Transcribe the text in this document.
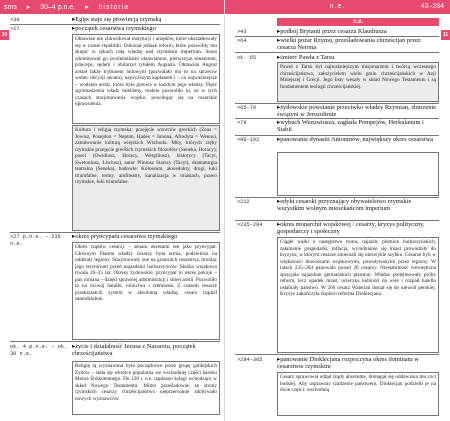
sms ▸ 30–4 p.n.e. ▸ historia
10
>30	▸Egipt staje się prowincją rzymską
>27	▸początek cesarstwa rzymskiego
Oktawian nie zlikwidował instytucji i urzędów, które ukształtowały się w czasie republiki. Dokonał jednak reform, które pozwoliły mu skupić w rękach całą władzę nad rzymskim imperium. Senat zdominował go zwolennikami oktawianum, pierwszym senatorem, princeps, sędem i obdarzył tytułem Augusta. Oktawian August został także trybunem ludowym (pozwalało mu to na sprzeciw wobec decyzji senatu), najwyższym kapłanem i – co najważniejsze – wodzem armii, która była gotowa w każdym jego władzy. Pięść zgromadzenia władz mieliśmy, realnie pozwoliło to, ze w tych czasach stacjonowania wojsko, powołując się na cesarskie uprawnienia.
Kultura i religia rzymska: przejęcie wzorców greckich (Zeus = Jowisz, Posejdon = Neptun, Hades = Junona, Afrodyta = Wenus), zamiłowanie kulturą wiejskich Wschodu. Mity, których zręby rzymskie przejęcie greckich rzymskich filozofów (Seneka, Horacy); poeci (Owidiusz, Horacy, Wergiliusz), historycy (Tacyt, Swetoniusz, Liwiusz), autor Pliniusz Starszy (Tacyt), dramaturgia teatralna (Seneka), budowle: Koloseum, akwedukty, drogi, łuki triumfalne, termy, amfiteatry, kanalizacja w miastach, prawo rzymskie, łuki triumfalne.
>27 p.n.e. – 235 n.e.
▸okres pryncypatu cesarstwa rzymskiego
Okres rządów cesarzy – senatu okresami ten jako pryncypat. Głównym filarem władzy cesarzy była armia, podzielona na oddziały legiony. Stacjonowały one na granicach cesarstwa, broniąc jego terytorium przed najazdami barbarzyńców. Służba wojskowa trwała 20–25 lat. Okresy żydowskie, pryncypat to okres pokoju – pax romana – dzięki sprawnej administracji i silnej armii. Pozwoliło to na rozwój handlu, rolnictwa i rzemiosła. Z czasem cesarze przekształcili system w absolutną władzę, cesarz rządził samodzielnie.
ok. 4 p.n.e. – ok. 30 n.e.
▸życie i działalność Jezusa z Nazaretu, początek chrześcijaństwa
Religię tą wyznawana była początkowo przez grupę galilejskich Żydów – stała się wkrótce popularna we wschodniej części basenu Morza Śródziemnego. Do 120 r. n.e. napisano księgi wchodzące w skład Nowego Testamentu. Mimo prześladowań ze strony rzymskich cesarzy chrześcijaństwo nieprzerwanie zdobywało nowych wyznawców.
n.e.	43–284
n.e.
11
>43	▸podbój Brytanii przez cesarza Klaudiusza
>64	▸wielki pożar Rzymu, prześladowania chrześcijan przez cesarza Nerona
ok. 65	▸śmierć Pawła z Tarsu
Paweł z Tarsu był najważniejszym misjonarzem i twórcą wczesnego chrześcijaństwa, założycielem wielu gmin chrześcijańskich w Azji Mniejszej i Grecji. Jego listy weszły w skład Nowego Testamentu i są fundamentem teologii chrześcijańskiej.
>65–70	▸żydowskie powstanie przeciwko władzy Rzymian, zburzenie świątyni w Jerozolimie
>79	▸wybuch Wezuwiusza, zagłada Pompejów, Herkulanum i Stabii
>96–192	▸panowanie dynastii Antoninów, największy okres cesarstwa
>212	▸edykt cesarski przyznający obywatelstwo rzymskie wszystkim wolnym mieszkańcom imperium
>235–284	▸okres monarchii wojskowej / cesarzy, kryzys polityczny, gospodarczy i społeczny
Ciągłe walki o następstwo tronu, najazdy plemion barbarzyńskich, załamanie gospodarki, inflacja, wyludnianie się miast prowadziły do kryzysu, w którym cesarze zmieniali się niezwykle szybko. Cesarze byli w większości dowódcami wojskowymi, powoływanymi przez legiony. W latach 235–284 panowało ponad 20 cesarzy. Niestabilność wewnętrzna sprzyjała najazdom germańskich plemion. Władze podejmowały próby reform, lecz upadek miast, ucieczka ludności na wieś i rozpad handlu osłabiały państwo. W 260 cesarz Walerian dostał się do niewoli perskiej. Kryzys zakończyła dopiero reforma Dioklecjana.
>284–305	▸panowanie Dioklecjana rozpoczyna okres dominatu w cesarstwie rzymskim
Cesarz sprawował odtąd rządy absolutne, domagał się oddawania mu czci boskiej. Aby usprawnić rządzenie państwem, Dioklecjan podzielił je na dwie części: wschodnią
